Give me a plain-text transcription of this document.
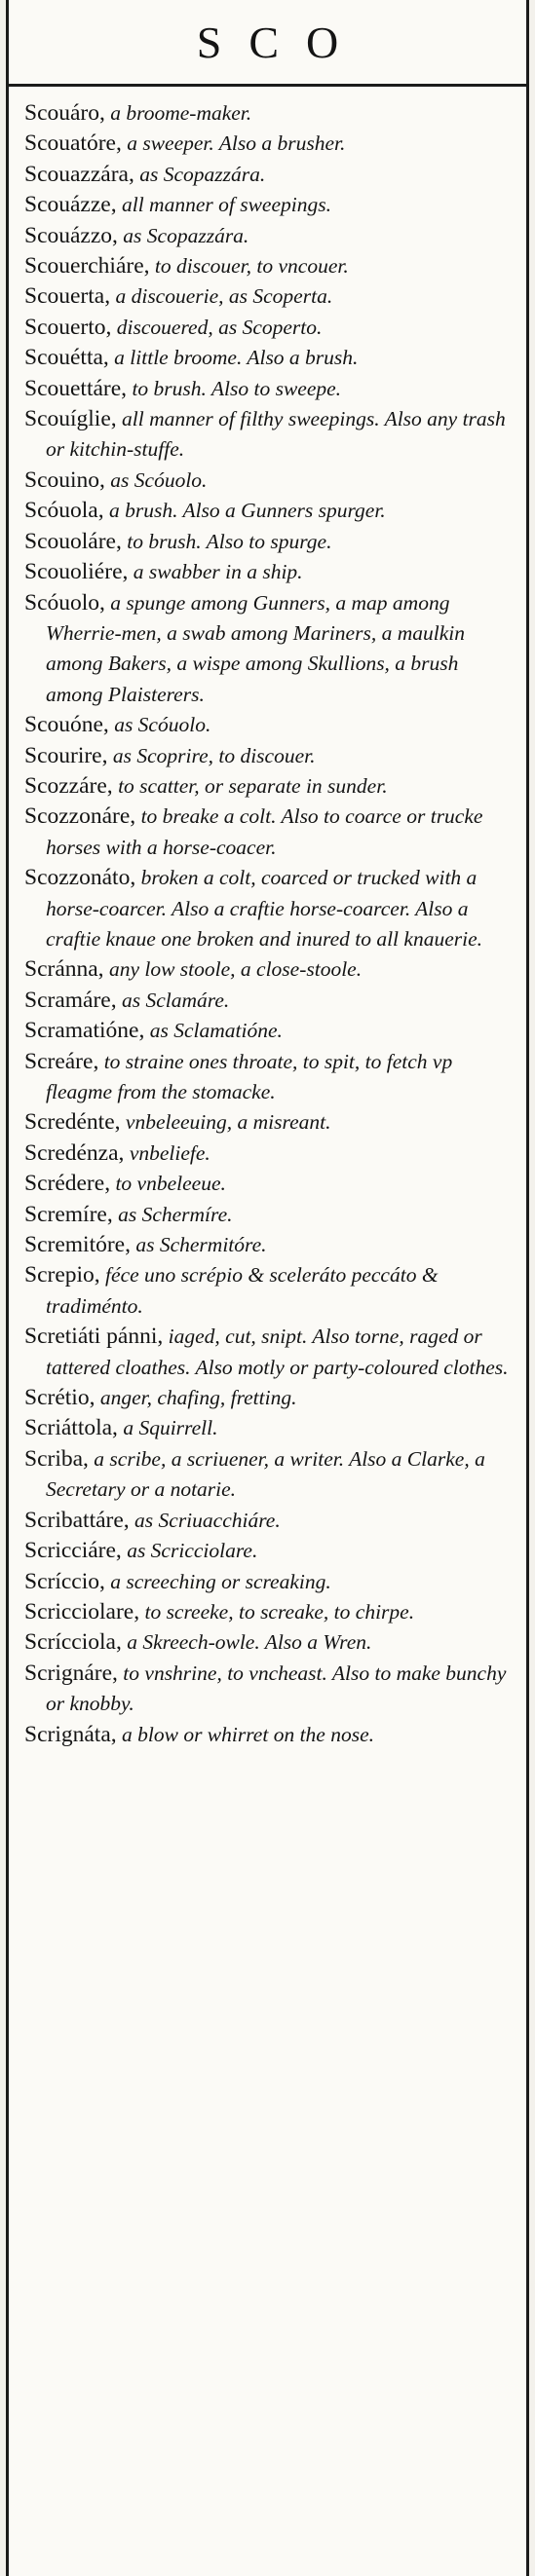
SCO

Scouáro, a broome-maker.

Scouatóre, a sweeper. Also a brusher.

Scouazzára, as Scopazzára.

Scouázze, all manner of sweepings.

Scouázzo, as Scopazzára.

Scouerchiáre, to discouer, to vncouer.

Scouerta, a discouerie, as Scoperta.

Scouerto, discouered, as Scoperto.

Scouétta, a little broome. Also a brush.

Scouettáre, to brush. Also to sweepe.

Scouíglie, all manner of filthy sweepings. Also any trash or kitchin-stuffe.

Scouino, as Scóuolo.

Scóuola, a brush. Also a Gunners spurger.

Scouoláre, to brush. Also to spurge.

Scouoliére, a swabber in a ship.

Scóuolo, a spunge among Gunners, a map among Wherrie-men, a swab among Mariners, a maulkin among Bakers, a wispe among Skullions, a brush among Plaisterers.

Scouóne, as Scóuolo.

Scourire, as Scoprire, to discouer.

Scozzáre, to scatter, or separate in sunder.

Scozzonáre, to breake a colt. Also to coarce or trucke horses with a horse-coacer.

Scozzonáto, broken a colt, coarced or trucked with a horse-coarcer. Also a craftie horse-coarcer. Also a craftie knaue one broken and inured to all knauerie.

Scránna, any low stoole, a close-stoole.

Scramáre, as Sclamáre.

Scramatióne, as Sclamatióne.

Screáre, to straine ones throate, to spit, to fetch vp fleagme from the stomacke.

Scredénte, vnbeleeuing, a misreant.

Scredénza, vnbeliefe.

Scrédere, to vnbeleeue.

Scremíre, as Schermíre.

Scremitóre, as Schermitóre.

Screpio, féce uno scrépio & sceleráto peccáto & tradiménto.

Scretiáti pánni, iaged, cut, snipt. Also torne, raged or tattered cloathes. Also motly or party-coloured clothes.

Scrétio, anger, chafing, fretting.

Scriáttola, a Squirrell.

Scriba, a scribe, a scriuener, a writer. Also a Clarke, a Secretary or a notarie.

Scribattáre, as Scriuacchiáre.

Scricciáre, as Scricciolare.

Scríccio, a screeching or screaking.

Scricciolare, to screeke, to screake, to chirpe.

Scrícciola, a Skreech-owle. Also a Wren.

Scrignáre, to vnshrine, to vncheast. Also to make bunchy or knobby.

Scrignáta, a blow or whirret on the nose.
